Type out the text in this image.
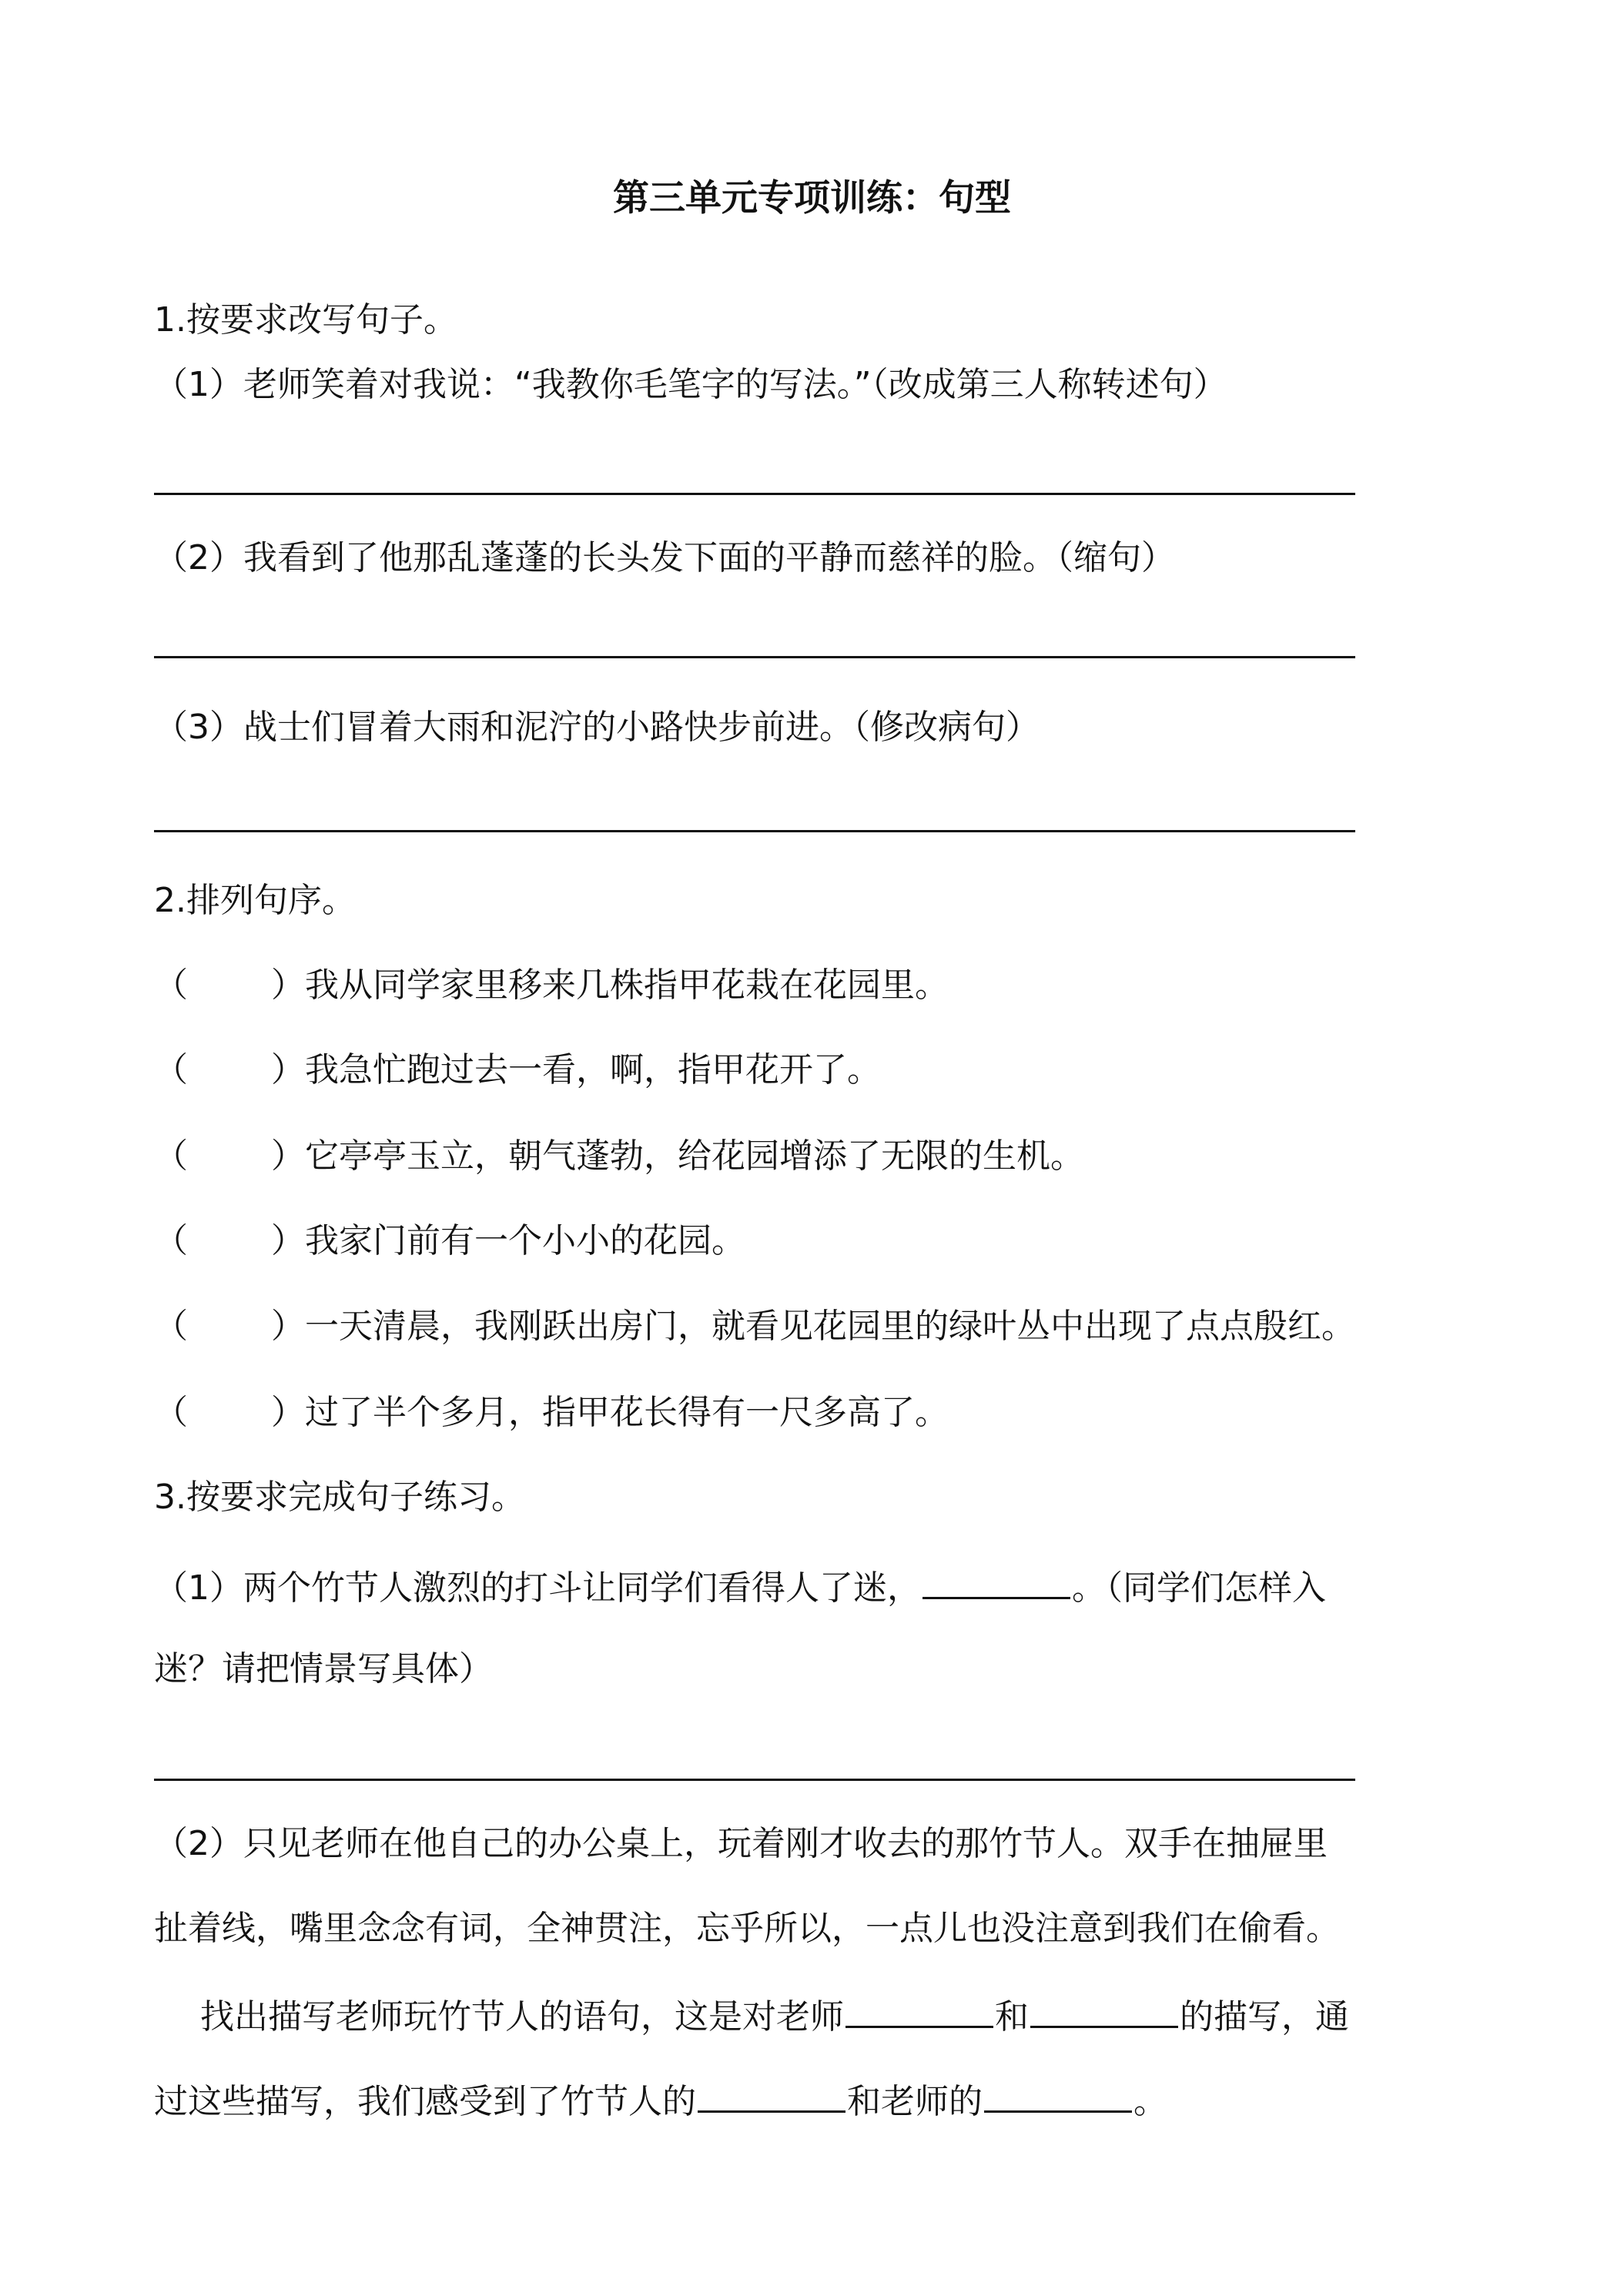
第三单元专项训练：句型
1.按要求改写句子。
（1）老师笑着对我说：“我教你毛笔字的写法。”（改成第三人称转述句）
（2）我看到了他那乱蓬蓬的长头发下面的平静而慈祥的脸。（缩句）
（3）战士们冒着大雨和泥泞的小路快步前进。（修改病句）
2.排列句序。
（ ）我从同学家里移来几株指甲花栽在花园里。
（ ）我急忙跑过去一看，啊，指甲花开了。
（ ）它亭亭玉立，朝气蓬勃，给花园增添了无限的生机。
（ ）我家门前有一个小小的花园。
（ ）一天清晨，我刚跃出房门，就看见花园里的绿叶丛中出现了点点殷红。
（ ）过了半个多月，指甲花长得有一尺多高了。
3.按要求完成句子练习。
（1）两个竹节人激烈的打斗让同学们看得人了迷，	。（同学们怎样入
迷？请把情景写具体）
（2）只见老师在他自己的办公桌上，玩着刚才收去的那竹节人。双手在抽屉里
扯着线，嘴里念念有词，全神贯注，忘乎所以，一点儿也没注意到我们在偷看。
找出描写老师玩竹节人的语句，这是对老师	和	的描写，通
过这些描写，我们感受到了竹节人的	和老师的	。
